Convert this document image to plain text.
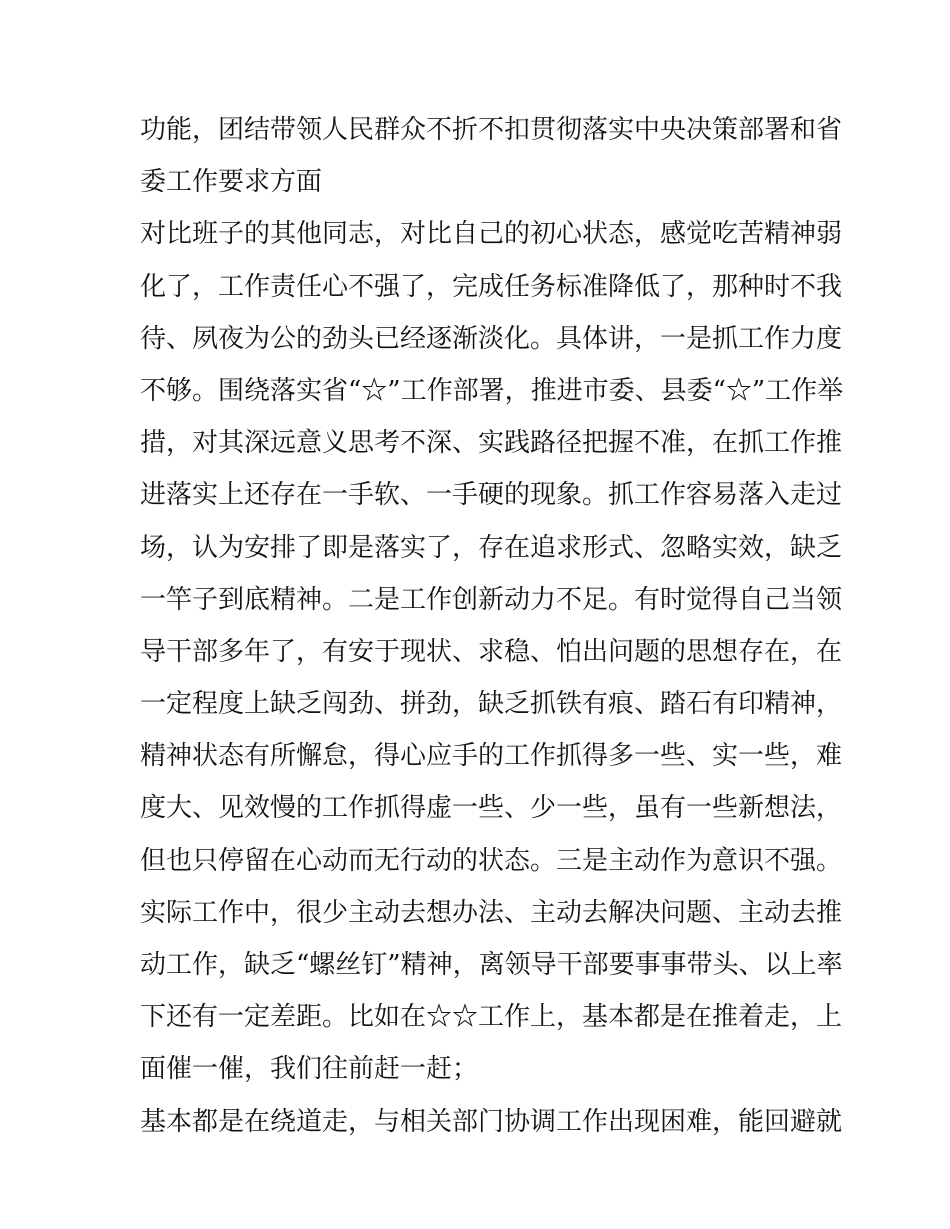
功能，团结带领人民群众不折不扣贯彻落实中央决策部署和省
委工作要求方面
对比班子的其他同志，对比自己的初心状态，感觉吃苦精神弱
化了，工作责任心不强了，完成任务标准降低了，那种时不我
待、夙夜为公的劲头已经逐渐淡化。具体讲，一是抓工作力度
不够。围绕落实省“☆”工作部署，推进市委、县委“☆”工作举
措，对其深远意义思考不深、实践路径把握不准，在抓工作推
进落实上还存在一手软、一手硬的现象。抓工作容易落入走过
场，认为安排了即是落实了，存在追求形式、忽略实效，缺乏
一竿子到底精神。二是工作创新动力不足。有时觉得自己当领
导干部多年了，有安于现状、求稳、怕出问题的思想存在，在
一定程度上缺乏闯劲、拼劲，缺乏抓铁有痕、踏石有印精神，
精神状态有所懈怠，得心应手的工作抓得多一些、实一些，难
度大、见效慢的工作抓得虚一些、少一些，虽有一些新想法，
但也只停留在心动而无行动的状态。三是主动作为意识不强。
实际工作中，很少主动去想办法、主动去解决问题、主动去推
动工作，缺乏“螺丝钉”精神，离领导干部要事事带头、以上率
下还有一定差距。比如在☆☆工作上，基本都是在推着走，上
面催一催，我们往前赶一赶；
基本都是在绕道走，与相关部门协调工作出现困难，能回避就
